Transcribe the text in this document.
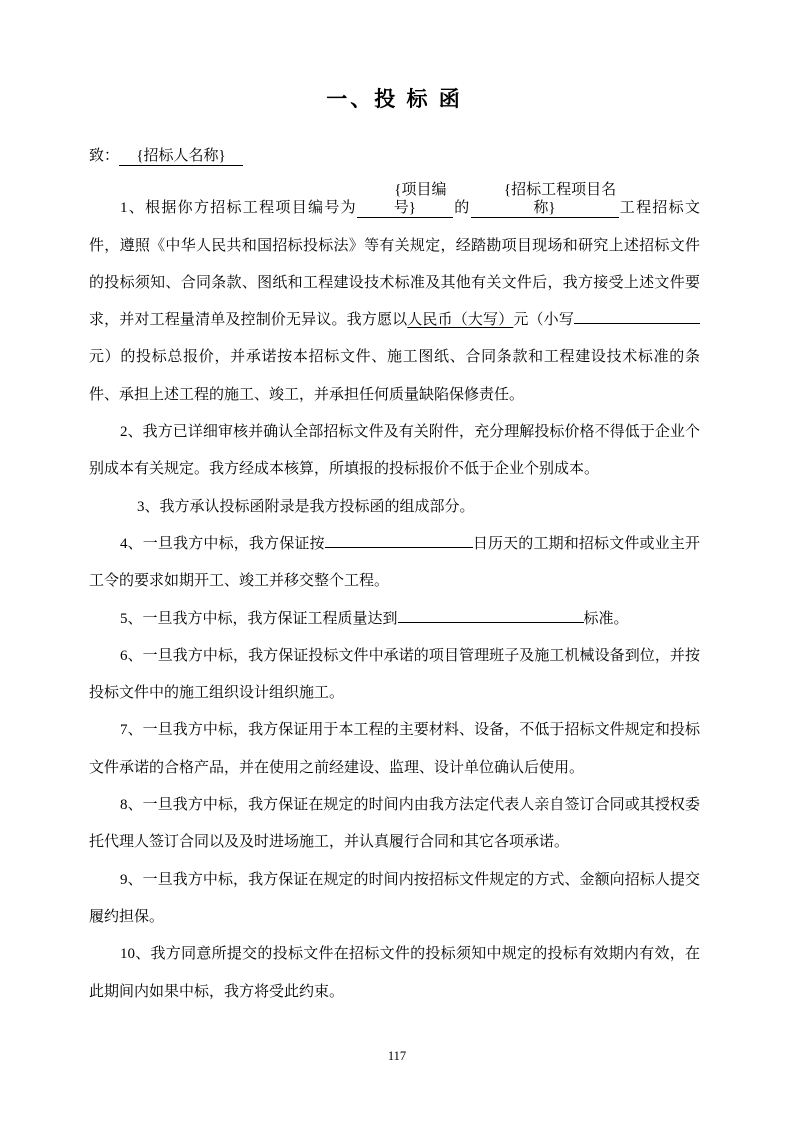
一、投 标 函
致： {招标人名称}

1、根据你方招标工程项目编号为{项目编号} 的{招标工程项目名称}	工程招标文件，遵照《中华人民共和国招标投标法》等有关规定，经踏勘项目现场和研究上述招标文件的投标须知、合同条款、图纸和工程建设技术标准及其他有关文件后，我方接受上述文件要求，并对工程量清单及控制价无异议。我方愿以人民币（大写）元（小写元）的投标总报价，并承诺按本招标文件、施工图纸、合同条款和工程建设技术标准的条件、承担上述工程的施工、竣工，并承担任何质量缺陷保修责任。

2、我方已详细审核并确认全部招标文件及有关附件，充分理解投标价格不得低于企业个别成本有关规定。我方经成本核算，所填报的投标报价不低于企业个别成本。

3、我方承认投标函附录是我方投标函的组成部分。

4、一旦我方中标，我方保证按	日历天的工期和招标文件或业主开工令的要求如期开工、竣工并移交整个工程。

5、一旦我方中标，我方保证工程质量达到	标准。

6、一旦我方中标，我方保证投标文件中承诺的项目管理班子及施工机械设备到位，并按投标文件中的施工组织设计组织施工。

7、一旦我方中标，我方保证用于本工程的主要材料、设备，不低于招标文件规定和投标文件承诺的合格产品，并在使用之前经建设、监理、设计单位确认后使用。

8、一旦我方中标，我方保证在规定的时间内由我方法定代表人亲自签订合同或其授权委托代理人签订合同以及及时进场施工，并认真履行合同和其它各项承诺。

9、一旦我方中标，我方保证在规定的时间内按招标文件规定的方式、金额向招标人提交履约担保。

10、我方同意所提交的投标文件在招标文件的投标须知中规定的投标有效期内有效，在此期间内如果中标，我方将受此约束。

117
